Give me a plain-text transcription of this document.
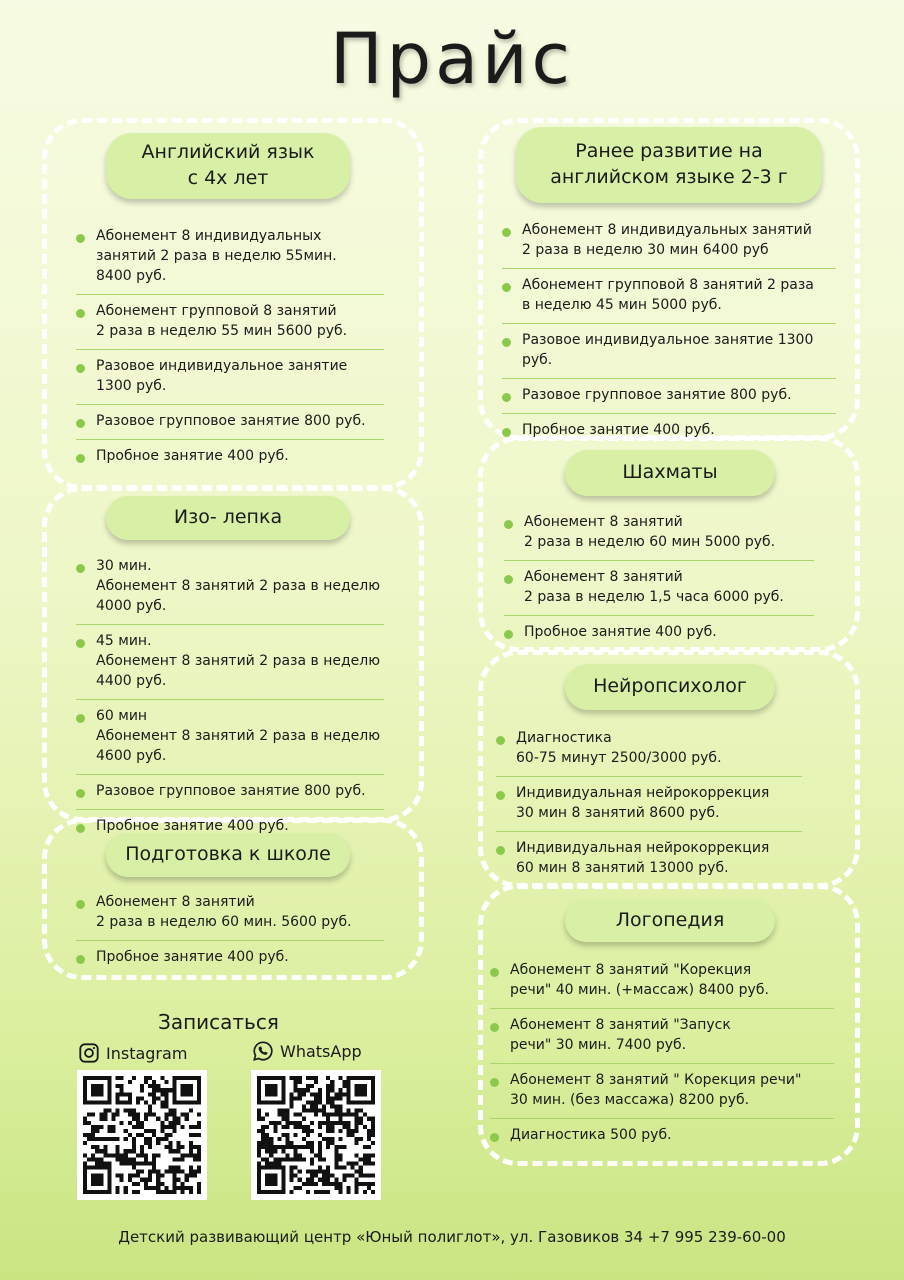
Прайс
Английский язык
с 4х лет
Изо- лепка
Подготовка к школе
Ранее развитие на
английском языке 2-3 г
Шахматы
Нейропсихолог
Логопедия
Абонемент 8 индивидуальных
занятий 2 раза в неделю 55мин.
8400 руб.
Абонемент групповой 8 занятий
2 раза в неделю 55 мин 5600 руб.
Разовое индивидуальное занятие
1300 руб.
Разовое групповое занятие 800 руб.
Пробное занятие 400 руб.
30 мин.
Абонемент 8 занятий 2 раза в неделю
4000 руб.
45 мин.
Абонемент 8 занятий 2 раза в неделю
4400 руб.
60 мин
Абонемент 8 занятий 2 раза в неделю
4600 руб.
Разовое групповое занятие 800 руб.
Пробное занятие 400 руб.
Абонемент 8 занятий
2 раза в неделю 60 мин. 5600 руб.
Пробное занятие 400 руб.
Абонемент 8 индивидуальных занятий
2 раза в неделю 30 мин 6400 руб
Абонемент групповой 8 занятий 2 раза
в неделю 45 мин 5000 руб.
Разовое индивидуальное занятие 1300 руб.
Разовое групповое занятие 800 руб.
Пробное занятие 400 руб.
Абонемент 8 занятий
2 раза в неделю 60 мин 5000 руб.
Абонемент 8 занятий
2 раза в неделю 1,5 часа 6000 руб.
Пробное занятие 400 руб.
Диагностика
60-75 минут 2500/3000 руб.
Индивидуальная нейрокоррекция
30 мин 8 занятий 8600 руб.
Индивидуальная нейрокоррекция
60 мин 8 занятий 13000 руб.
Абонемент 8 занятий "Корекция
речи" 40 мин. (+массаж) 8400 руб.
Абонемент 8 занятий "Запуск
речи" 30 мин. 7400 руб.
Абонемент 8 занятий " Корекция речи"
30 мин. (без массажа) 8200 руб.
Диагностика 500 руб.
Записаться
Instagram	WhatsApp
Детский развивающий центр «Юный полиглот», ул. Газовиков 34 +7 995 239-60-00
